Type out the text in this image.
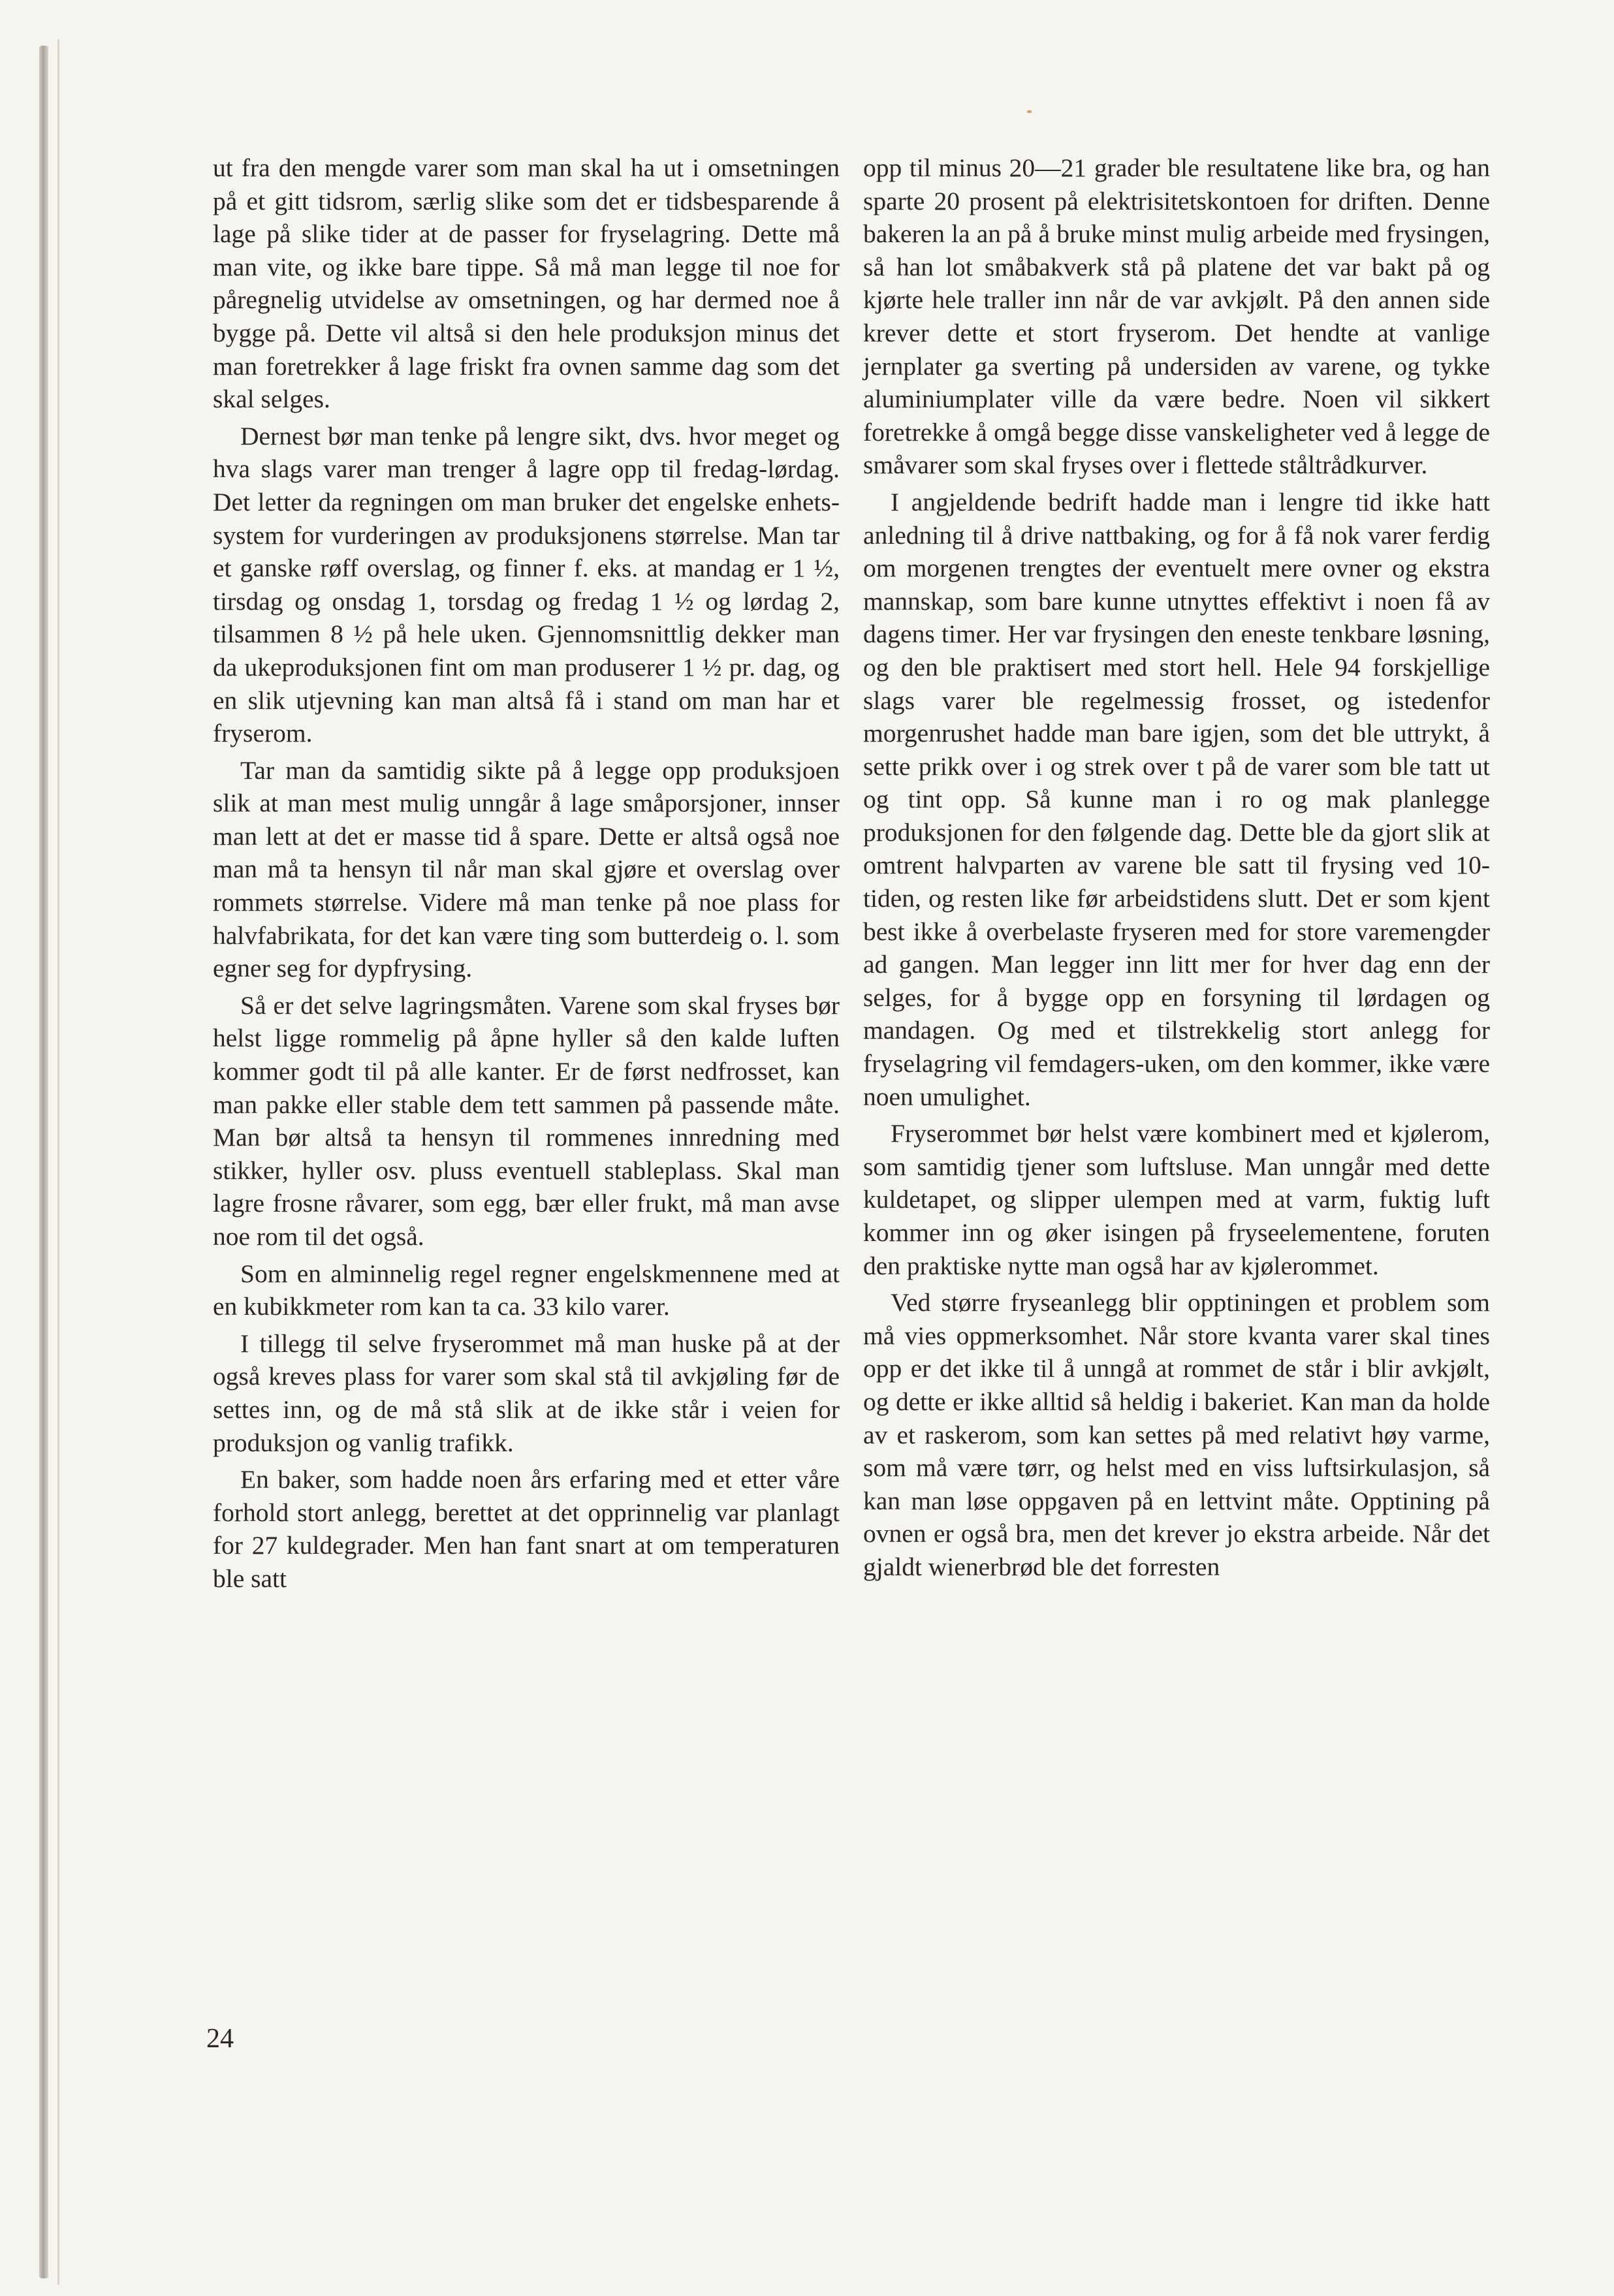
ut fra den mengde varer som man skal ha ut i omsetningen på et gitt tidsrom, særlig slike som det er tidsbesparende å lage på slike tider at de passer for fryselagring. Dette må man vite, og ikke bare tippe. Så må man legge til noe for påregnelig utvidelse av omsetningen, og har dermed noe å bygge på. Dette vil altså si den hele produksjon minus det man foretrekker å lage friskt fra ovnen samme dag som det skal selges.

Dernest bør man tenke på lengre sikt, dvs. hvor meget og hva slags varer man trenger å lagre opp til fredag-lørdag. Det letter da regningen om man bruker det engelske enhetssystem for vurderingen av produksjonens størrelse. Man tar et ganske røff overslag, og finner f. eks. at mandag er 1 ½, tirsdag og onsdag 1, torsdag og fredag 1 ½ og lørdag 2, tilsammen 8 ½ på hele uken. Gjennomsnittlig dekker man da ukeproduksjonen fint om man produserer 1 ½ pr. dag, og en slik utjevning kan man altså få i stand om man har et fryserom.

Tar man da samtidig sikte på å legge opp produksjoen slik at man mest mulig unngår å lage småporsjoner, innser man lett at det er masse tid å spare. Dette er altså også noe man må ta hensyn til når man skal gjøre et overslag over rommets størrelse. Videre må man tenke på noe plass for halvfabrikata, for det kan være ting som butterdeig o. l. som egner seg for dypfrysing.

Så er det selve lagringsmåten. Varene som skal fryses bør helst ligge rommelig på åpne hyller så den kalde luften kommer godt til på alle kanter. Er de først nedfrosset, kan man pakke eller stable dem tett sammen på passende måte. Man bør altså ta hensyn til rommenes innredning med stikker, hyller osv. pluss eventuell stableplass. Skal man lagre frosne råvarer, som egg, bær eller frukt, må man avse noe rom til det også.

Som en alminnelig regel regner engelskmennene med at en kubikkmeter rom kan ta ca. 33 kilo varer.

I tillegg til selve fryserommet må man huske på at der også kreves plass for varer som skal stå til avkjøling før de settes inn, og de må stå slik at de ikke står i veien for produksjon og vanlig trafikk.

En baker, som hadde noen års erfaring med et etter våre forhold stort anlegg, berettet at det opprinnelig var planlagt for 27 kuldegrader. Men han fant snart at om temperaturen ble satt

opp til minus 20—21 grader ble resultatene like bra, og han sparte 20 prosent på elektrisitetskontoen for driften. Denne bakeren la an på å bruke minst mulig arbeide med frysingen, så han lot småbakverk stå på platene det var bakt på og kjørte hele traller inn når de var avkjølt. På den annen side krever dette et stort fryserom. Det hendte at vanlige jernplater ga sverting på undersiden av varene, og tykke aluminiumplater ville da være bedre. Noen vil sikkert foretrekke å omgå begge disse vanskeligheter ved å legge de småvarer som skal fryses over i flettede ståltrådkurver.

I angjeldende bedrift hadde man i lengre tid ikke hatt anledning til å drive nattbaking, og for å få nok varer ferdig om morgenen trengtes der eventuelt mere ovner og ekstra mannskap, som bare kunne utnyttes effektivt i noen få av dagens timer. Her var frysingen den eneste tenkbare løsning, og den ble praktisert med stort hell. Hele 94 forskjellige slags varer ble regelmessig frosset, og istedenfor morgenrushet hadde man bare igjen, som det ble uttrykt, å sette prikk over i og strek over t på de varer som ble tatt ut og tint opp. Så kunne man i ro og mak planlegge produksjonen for den følgende dag. Dette ble da gjort slik at omtrent halvparten av varene ble satt til frysing ved 10-tiden, og resten like før arbeidstidens slutt. Det er som kjent best ikke å overbelaste fryseren med for store varemengder ad gangen. Man legger inn litt mer for hver dag enn der selges, for å bygge opp en forsyning til lørdagen og mandagen. Og med et tilstrekkelig stort anlegg for fryselagring vil femdagers-uken, om den kommer, ikke være noen umulighet.

Fryserommet bør helst være kombinert med et kjølerom, som samtidig tjener som luftsluse. Man unngår med dette kuldetapet, og slipper ulempen med at varm, fuktig luft kommer inn og øker isingen på fryseelementene, foruten den praktiske nytte man også har av kjølerommet.

Ved større fryseanlegg blir opptiningen et problem som må vies oppmerksomhet. Når store kvanta varer skal tines opp er det ikke til å unngå at rommet de står i blir avkjølt, og dette er ikke alltid så heldig i bakeriet. Kan man da holde av et raskerom, som kan settes på med relativt høy varme, som må være tørr, og helst med en viss luftsirkulasjon, så kan man løse oppgaven på en lettvint måte. Opptining på ovnen er også bra, men det krever jo ekstra arbeide. Når det gjaldt wienerbrød ble det forresten

24
